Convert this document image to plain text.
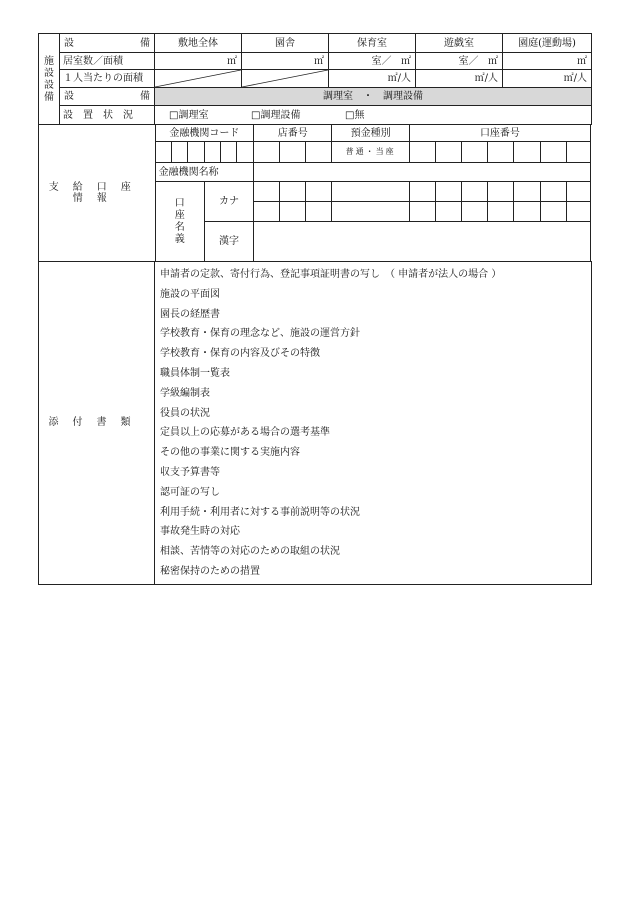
施
設
設
備	設 備	敷地全体	園舎	保育室	遊戯室	園庭(運動場)
	居室数／面積	㎡	㎡	室／ ㎡	室／ ㎡	㎡
	１人当たりの面積			㎡/人	㎡/人	㎡/人

	設 備	調理室　・　調理設備				
	設　置　状　況	□調理室 □調理設備 □無				
支給口座情報	金融機関コード						店番号			預金種別	口座番号						
										普通・当座							
	金融機関名称																

	口
座
名
義			カナ													

				漢字													

添付書類	
申請者の定款、寄付行為、登記事項証明書の写し　（ 申請者が法人の場合 ）
施設の平面図
園長の経歴書
学校教育・保育の理念など、施設の運営方針
学校教育・保育の内容及びその特徴
職員体制一覧表
学級編制表
役員の状況
定員以上の応募がある場合の選考基準
その他の事業に関する実施内容
収支予算書等
認可証の写し
利用手続・利用者に対する事前説明等の状況
事故発生時の対応
相談、苦情等の対応のための取組の状況
秘密保持のための措置
